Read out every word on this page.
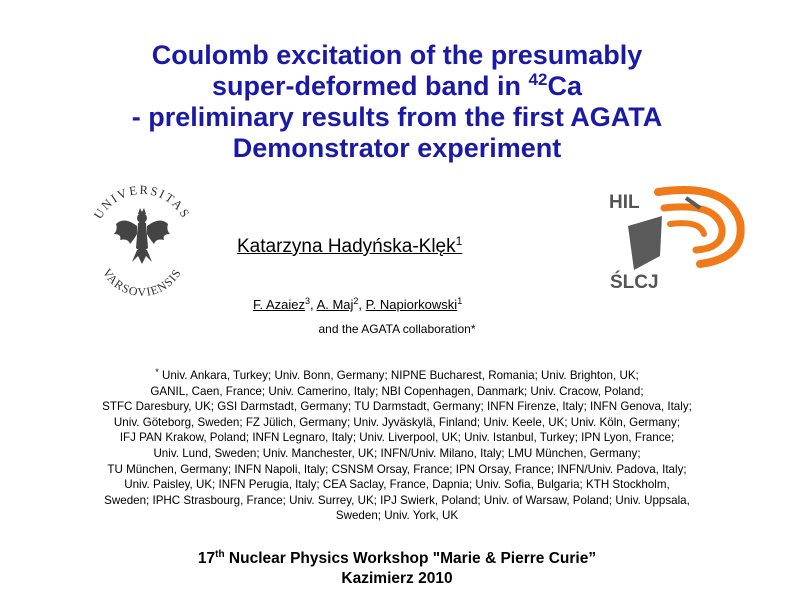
Coulomb excitation of the presumably
super-deformed band in $^{42}$Ca
- preliminary results from the first AGATA
Demonstrator experiment
UNIVERSITAS
VARSOVIENSIS
HIL
ŚLCJ
Katarzyna Hadyńska-Klęk$^1$
F. Azaiez$^3$, A. Maj$^2$, P. Napiorkowski$^1$
and the AGATA collaboration*
* Univ. Ankara, Turkey; Univ. Bonn, Germany; NIPNE Bucharest, Romania; Univ. Brighton, UK;
GANIL, Caen, France; Univ. Camerino, Italy; NBI Copenhagen, Danmark; Univ. Cracow, Poland;
STFC Daresbury, UK; GSI Darmstadt, Germany; TU Darmstadt, Germany; INFN Firenze, Italy; INFN Genova, Italy;
Univ. Göteborg, Sweden; FZ Jülich, Germany; Univ. Jyväskylä, Finland; Univ. Keele, UK; Univ. Köln, Germany;
IFJ PAN Krakow, Poland; INFN Legnaro, Italy; Univ. Liverpool, UK; Univ. Istanbul, Turkey; IPN Lyon, France;
Univ. Lund, Sweden; Univ. Manchester, UK; INFN/Univ. Milano, Italy; LMU München, Germany;
TU München, Germany; INFN Napoli, Italy; CSNSM Orsay, France; IPN Orsay, France; INFN/Univ. Padova, Italy;
Univ. Paisley, UK; INFN Perugia, Italy; CEA Saclay, France, Dapnia; Univ. Sofia, Bulgaria; KTH Stockholm,
Sweden; IPHC Strasbourg, France; Univ. Surrey, UK; IPJ Swierk, Poland; Univ. of Warsaw, Poland; Univ. Uppsala,
Sweden; Univ. York, UK
17th Nuclear Physics Workshop "Marie & Pierre Curie”
Kazimierz 2010
